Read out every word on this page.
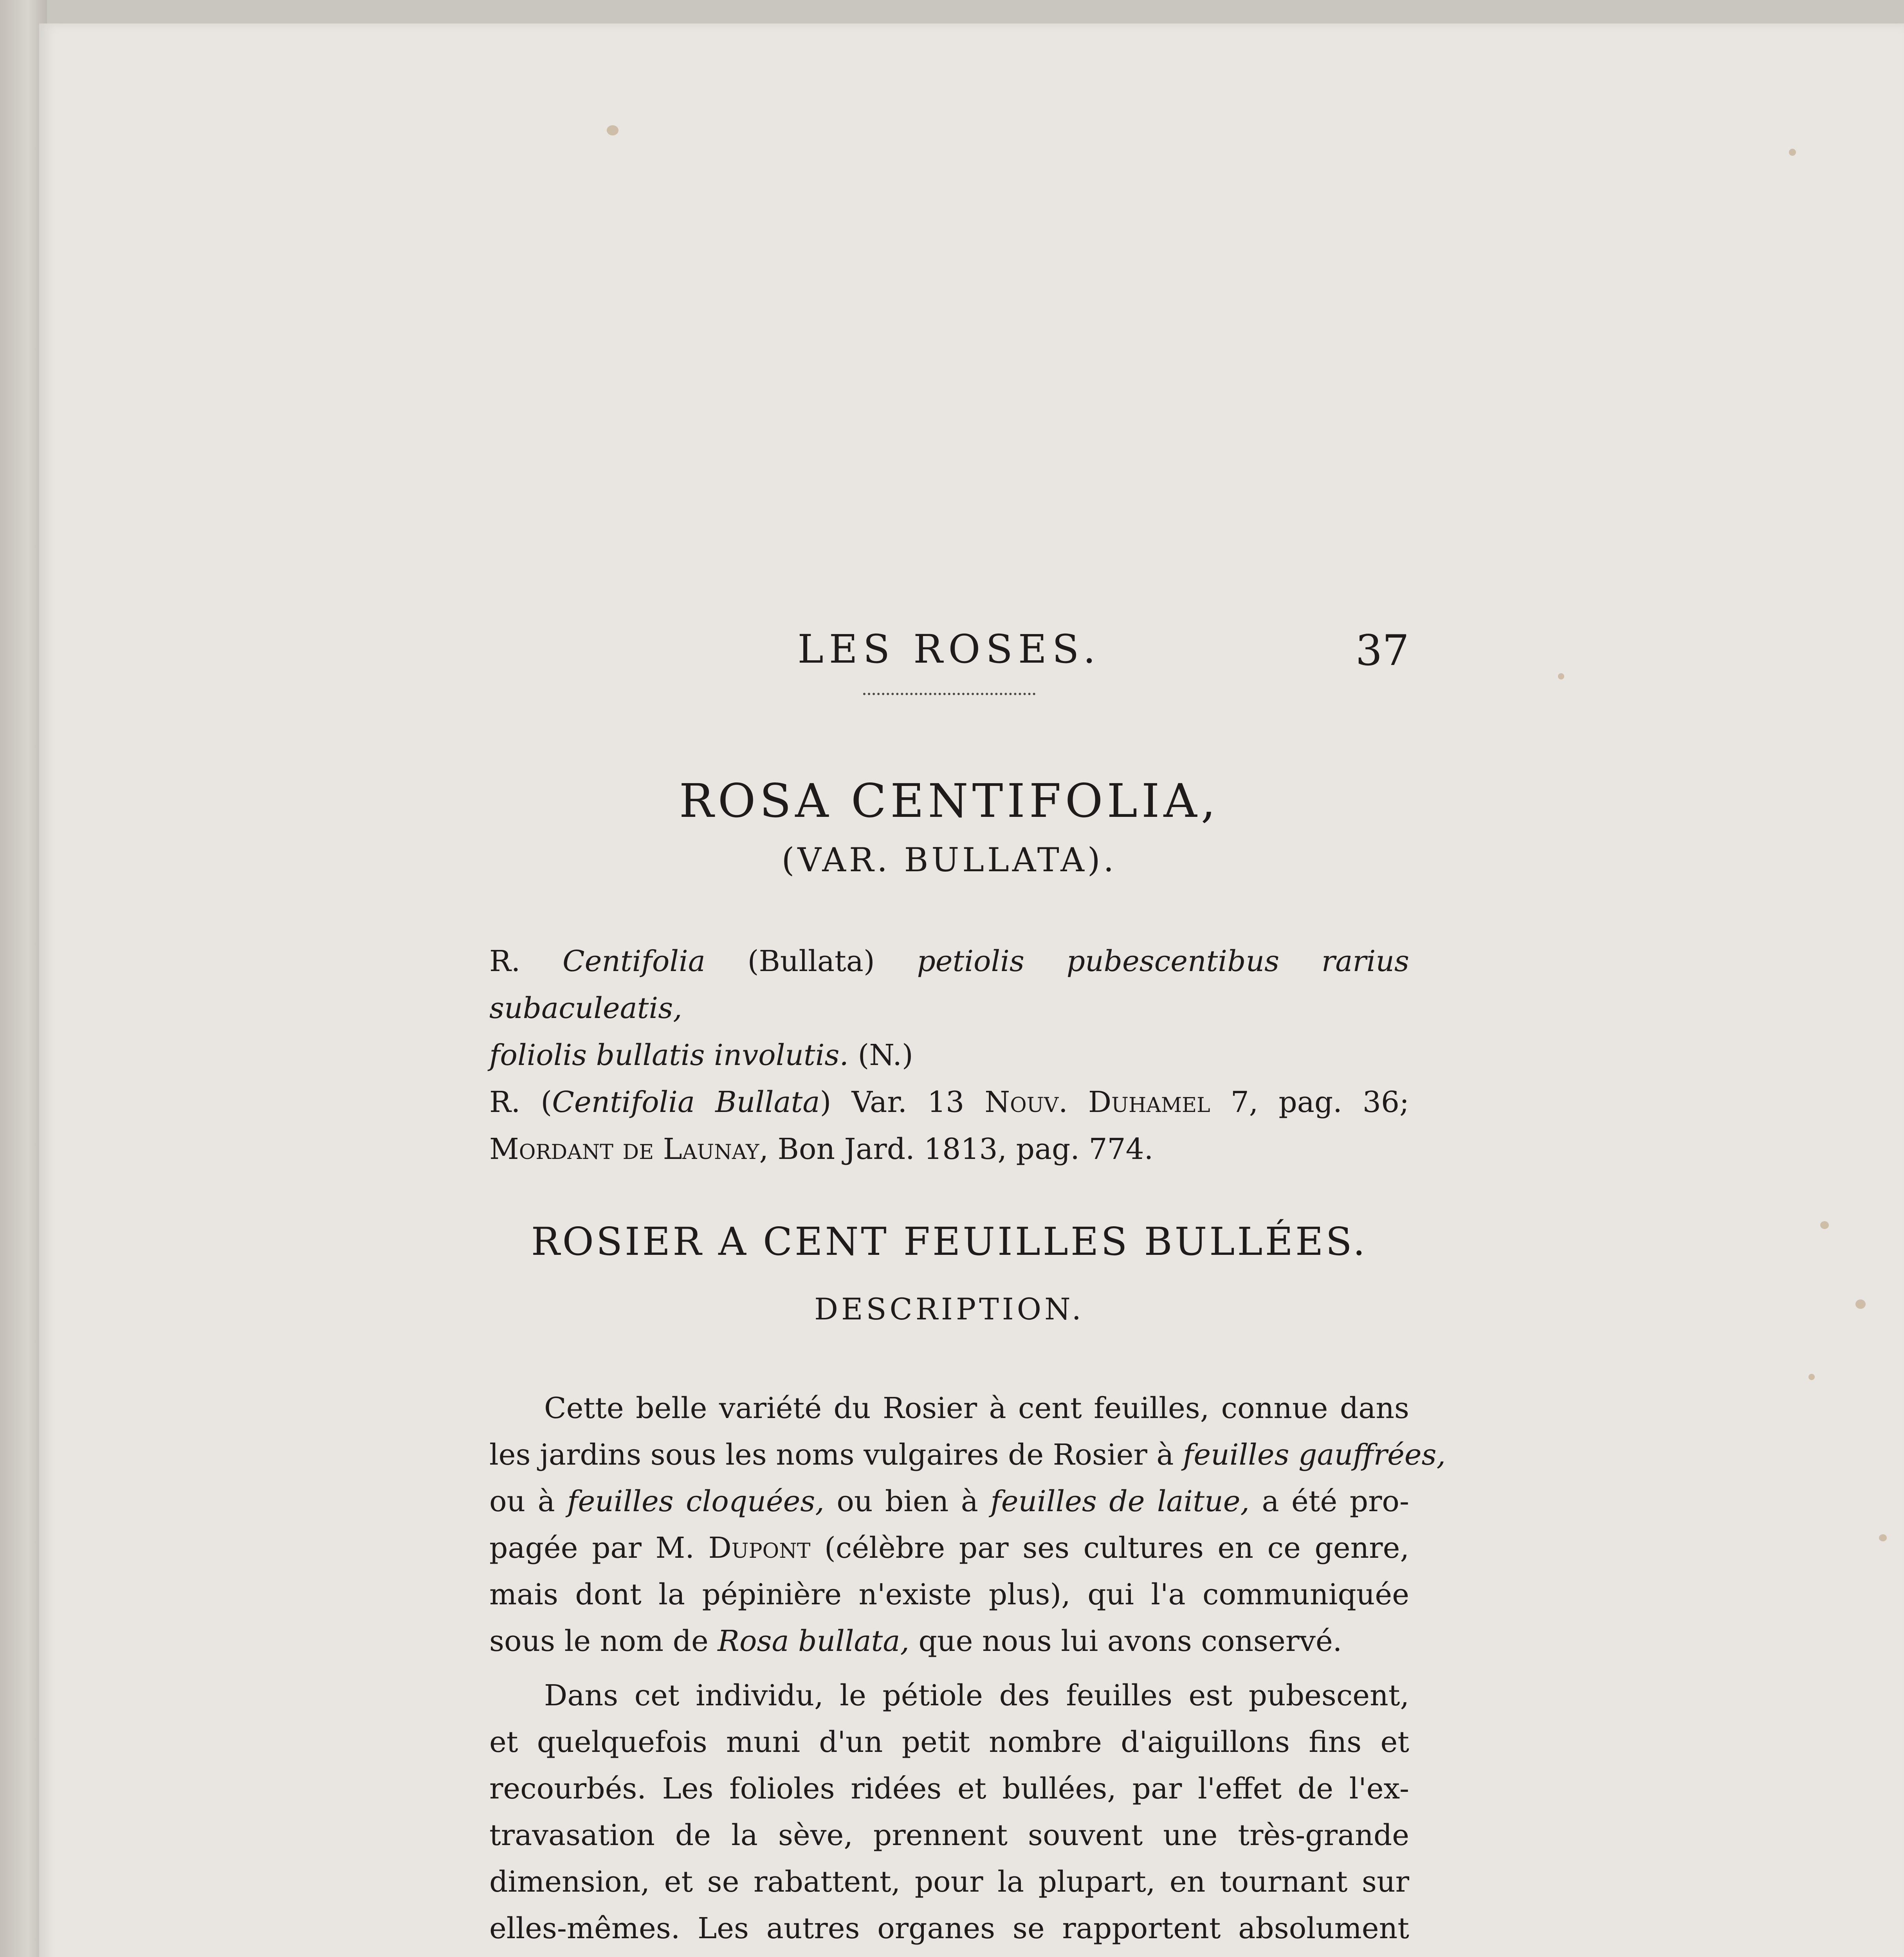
LES ROSES.	37
ROSA CENTIFOLIA,
(VAR. BULLATA).
R. Centifolia (Bullata) petiolis pubescentibus rarius subaculeatis,
foliolis bullatis involutis. (N.)
R. (Centifolia Bullata) Var. 13 Nouv. Duhamel 7, pag. 36;
Mordant de Launay, Bon Jard. 1813, pag. 774.
ROSIER A CENT FEUILLES BULLÉES.
DESCRIPTION.
Cette belle variété du Rosier à cent feuilles, connue dans
les jardins sous les noms vulgaires de Rosier à feuilles gauffrées,
ou à feuilles cloquées, ou bien à feuilles de laitue, a été pro-
pagée par M. Dupont (célèbre par ses cultures en ce genre,
mais dont la pépinière n'existe plus), qui l'a communiquée
sous le nom de Rosa bullata, que nous lui avons conservé.
Dans cet individu, le pétiole des feuilles est pubescent,
et quelquefois muni d'un petit nombre d'aiguillons fins et
recourbés. Les folioles ridées et bullées, par l'effet de l'ex-
travasation de la sève, prennent souvent une très-grande
dimension, et se rabattent, pour la plupart, en tournant sur
elles-mêmes. Les autres organes se rapportent absolument
